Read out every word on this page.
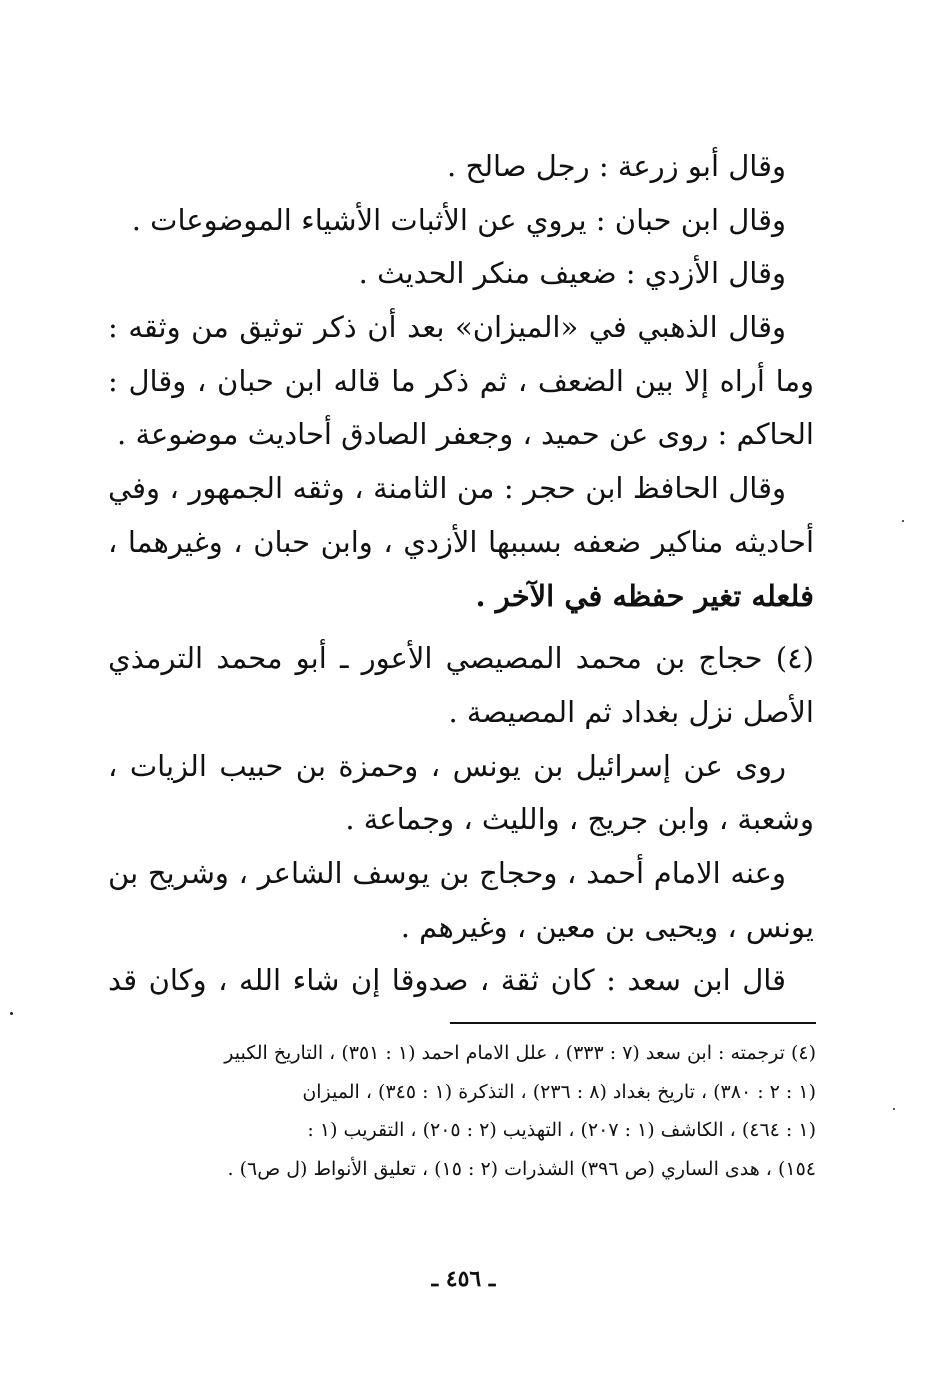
وقال أبو زرعة : رجل صالح .
وقال ابن حبان : يروي عن الأثبات الأشياء الموضوعات .
وقال الأزدي : ضعيف منكر الحديث .
وقال الذهبي في «الميزان» بعد أن ذكر توثيق من وثقه :
وما أراه إلا بين الضعف ، ثم ذكر ما قاله ابن حبان ، وقال :
الحاكم : روى عن حميد ، وجعفر الصادق أحاديث موضوعة .
وقال الحافظ ابن حجر : من الثامنة ، وثقه الجمهور ، وفي
أحاديثه مناكير ضعفه بسببها الأزدي ، وابن حبان ، وغيرهما ،
فلعله تغير حفظه في الآخر .
(٤) حجاج بن محمد المصيصي الأعور ـ أبو محمد الترمذي
الأصل نزل بغداد ثم المصيصة .
روى عن إسرائيل بن يونس ، وحمزة بن حبيب الزيات ،
وشعبة ، وابن جريج ، والليث ، وجماعة .
وعنه الامام أحمد ، وحجاج بن يوسف الشاعر ، وشريح بن
يونس ، ويحيى بن معين ، وغيرهم .
قال ابن سعد : كان ثقة ، صدوقا إن شاء الله ، وكان قد
(٤) ترجمته : ابن سعد (٧ : ٣٣٣) ، علل الامام احمد (١ : ٣٥١) ، التاريخ الكبير
(١ : ٢ : ٣٨٠) ، تاريخ بغداد (٨ : ٢٣٦) ، التذكرة (١ : ٣٤٥) ، الميزان
(١ : ٤٦٤) ، الكاشف (١ : ٢٠٧) ، التهذيب (٢ : ٢٠٥) ، التقريب (١ :
١٥٤) ، هدى الساري (ص ٣٩٦) الشذرات (٢ : ١٥) ، تعليق الأنواط (ل ص٦) .
ـ ٤٥٦ ـ
